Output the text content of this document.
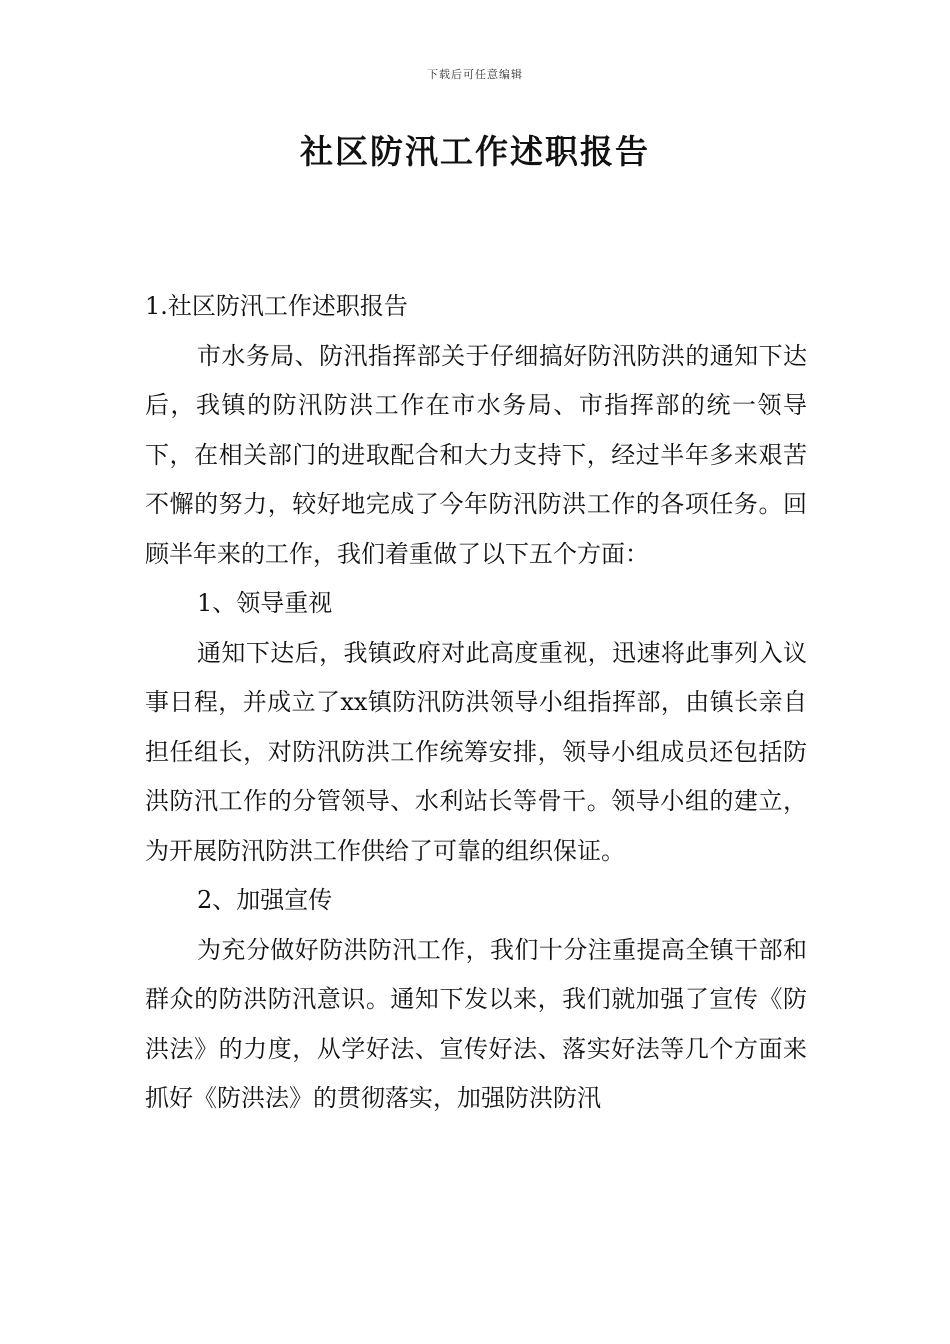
下载后可任意编辑
社区防汛工作述职报告

1.社区防汛工作述职报告

市水务局、防汛指挥部关于仔细搞好防汛防洪的通知下达后，我镇的防汛防洪工作在市水务局、市指挥部的统一领导下，在相关部门的进取配合和大力支持下，经过半年多来艰苦不懈的努力，较好地完成了今年防汛防洪工作的各项任务。回顾半年来的工作，我们着重做了以下五个方面：

1、领导重视

通知下达后，我镇政府对此高度重视，迅速将此事列入议事日程，并成立了xx镇防汛防洪领导小组指挥部，由镇长亲自担任组长，对防汛防洪工作统筹安排，领导小组成员还包括防洪防汛工作的分管领导、水利站长等骨干。领导小组的建立，为开展防汛防洪工作供给了可靠的组织保证。

2、加强宣传

为充分做好防洪防汛工作，我们十分注重提高全镇干部和群众的防洪防汛意识。通知下发以来，我们就加强了宣传《防洪法》的力度，从学好法、宣传好法、落实好法等几个方面来抓好《防洪法》的贯彻落实，加强防洪防汛
